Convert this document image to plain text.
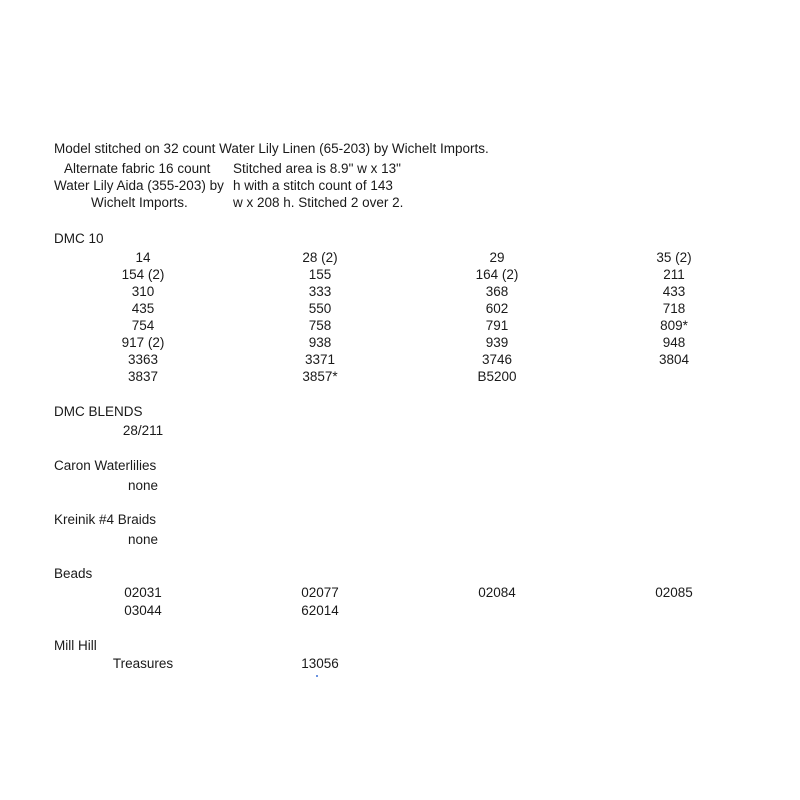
Model stitched on 32 count Water Lily Linen (65-203) by Wichelt Imports.
Alternate fabric 16 count
Water Lily Aida (355-203) by
Wichelt Imports.
Stitched area is 8.9" w x 13"
h with a stitch count of 143
w x 208 h. Stitched 2 over 2.
DMC 10
14	28 (2)	29	35 (2)
154 (2)	155	164 (2)	211
310	333	368	433
435	550	602	718
754	758	791	809*
917 (2)	938	939	948
3363	3371	3746	3804
3837	3857*	B5200
DMC BLENDS
28/211
Caron Waterlilies
none
Kreinik #4 Braids
none
Beads
02031	02077	02084	02085
03044	62014
Mill Hill
Treasures	13056
